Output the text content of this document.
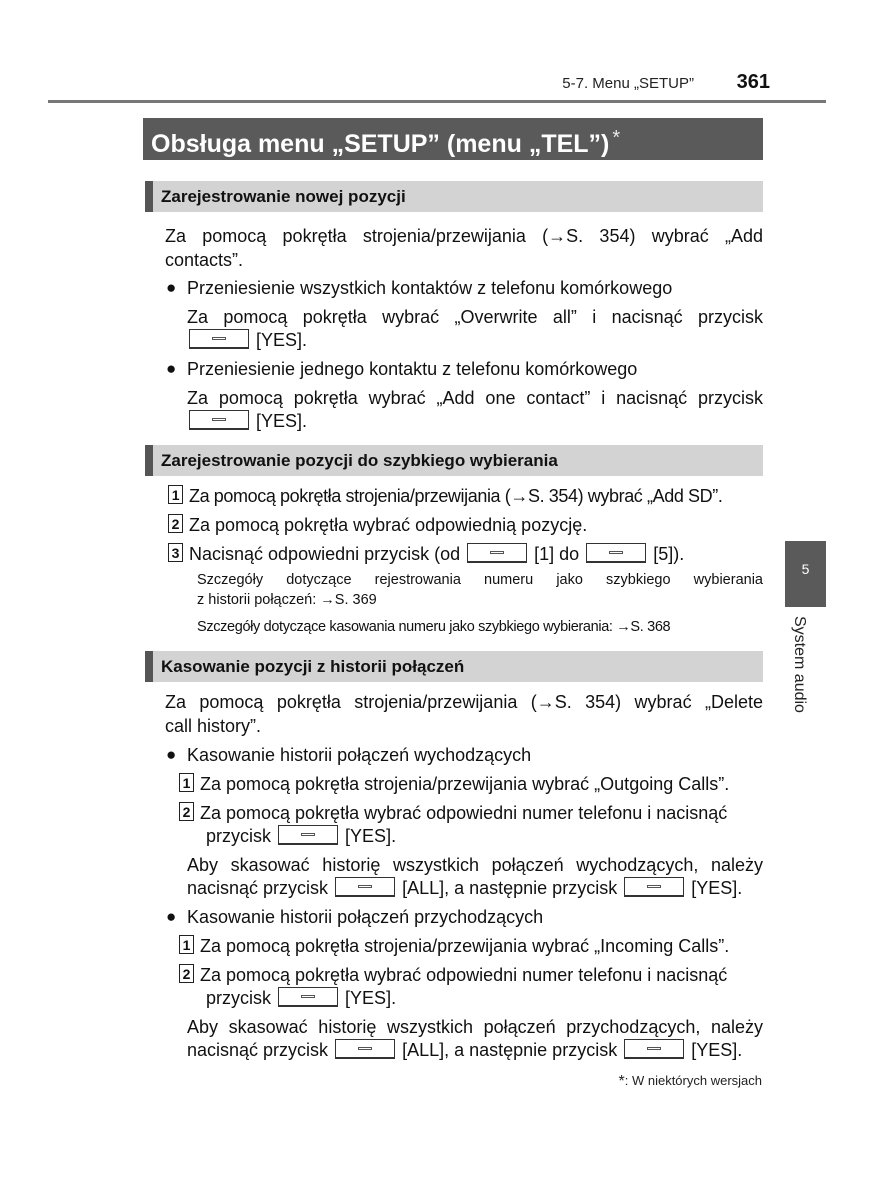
5-7. Menu „SETUP” 361
Obsługa menu „SETUP” (menu „TEL”) *
Zarejestrowanie nowej pozycji
Za pomocą pokrętła strojenia/przewijania (→S. 354) wybrać „Add
contacts”.
● Przeniesienie wszystkich kontaktów z telefonu komórkowego
Za pomocą pokrętła wybrać „Overwrite all” i nacisnąć przycisk
[YES].
● Przeniesienie jednego kontaktu z telefonu komórkowego
Za pomocą pokrętła wybrać „Add one contact” i nacisnąć przycisk
[YES].
Zarejestrowanie pozycji do szybkiego wybierania
1 Za pomocą pokrętła strojenia/przewijania (→S. 354) wybrać „Add SD”.
2 Za pomocą pokrętła wybrać odpowiednią pozycję.
3 Nacisnąć odpowiedni przycisk (od	[1] do	[5]).
Szczegóły dotyczące rejestrowania numeru jako szybkiego wybierania
z historii połączeń: →S. 369
Szczegóły dotyczące kasowania numeru jako szybkiego wybierania: →S. 368
Kasowanie pozycji z historii połączeń
Za pomocą pokrętła strojenia/przewijania (→S. 354) wybrać „Delete
call history”.
● Kasowanie historii połączeń wychodzących
1 Za pomocą pokrętła strojenia/przewijania wybrać „Outgoing Calls”.
2 Za pomocą pokrętła wybrać odpowiedni numer telefonu i nacisnąć
przycisk	[YES].
Aby skasować historię wszystkich połączeń wychodzących, należy
nacisnąć przycisk	[ALL], a następnie przycisk	[YES].
● Kasowanie historii połączeń przychodzących
1 Za pomocą pokrętła strojenia/przewijania wybrać „Incoming Calls”.
2 Za pomocą pokrętła wybrać odpowiedni numer telefonu i nacisnąć
przycisk	[YES].
Aby skasować historię wszystkich połączeń przychodzących, należy
nacisnąć przycisk	[ALL], a następnie przycisk	[YES].
5
System audio
*: W niektórych wersjach
